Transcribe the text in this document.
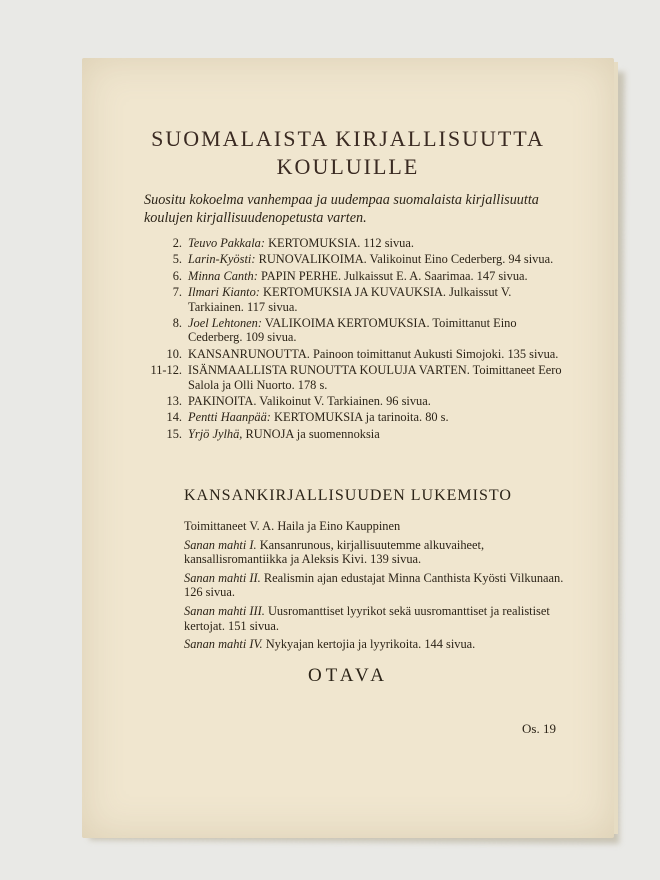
SUOMALAISTA KIRJALLISUUTTA
KOULUILLE
Suositu kokoelma vanhempaa ja uudempaa suomalaista kirjallisuutta koulujen kirjallisuudenopetusta varten.
2. Teuvo Pakkala: KERTOMUKSIA. 112 sivua.
5. Larin-Kyösti: RUNOVALIKOIMA. Valikoinut Eino Cederberg. 94 sivua.
6. Minna Canth: PAPIN PERHE. Julkaissut E. A. Saarimaa. 147 sivua.
7. Ilmari Kianto: KERTOMUKSIA JA KUVAUKSIA. Julkaissut V. Tarkiainen. 117 sivua.
8. Joel Lehtonen: VALIKOIMA KERTOMUKSIA. Toimittanut Eino Cederberg. 109 sivua.
10. KANSANRUNOUTTA. Painoon toimittanut Aukusti Simojoki. 135 sivua.
11-12. ISÄNMAALLISTA RUNOUTTA KOULUJA VARTEN. Toimittaneet Eero Salola ja Olli Nuorto. 178 s.
13. PAKINOITA. Valikoinut V. Tarkiainen. 96 sivua.
14. Pentti Haanpää: KERTOMUKSIA ja tarinoita. 80 s.
15. Yrjö Jylhä, RUNOJA ja suomennoksia
KANSANKIRJALLISUUDEN LUKEMISTO
Toimittaneet V. A. Haila ja Eino Kauppinen
Sanan mahti I. Kansanrunous, kirjallisuutemme alkuvaiheet, kansallisromantiikka ja Aleksis Kivi. 139 sivua.
Sanan mahti II. Realismin ajan edustajat Minna Canthista Kyösti Vilkunaan. 126 sivua.
Sanan mahti III. Uusromanttiset lyyrikot sekä uusromanttiset ja realistiset kertojat. 151 sivua.
Sanan mahti IV. Nykyajan kertojia ja lyyrikoita. 144 sivua.
OTAVA
Os. 19
